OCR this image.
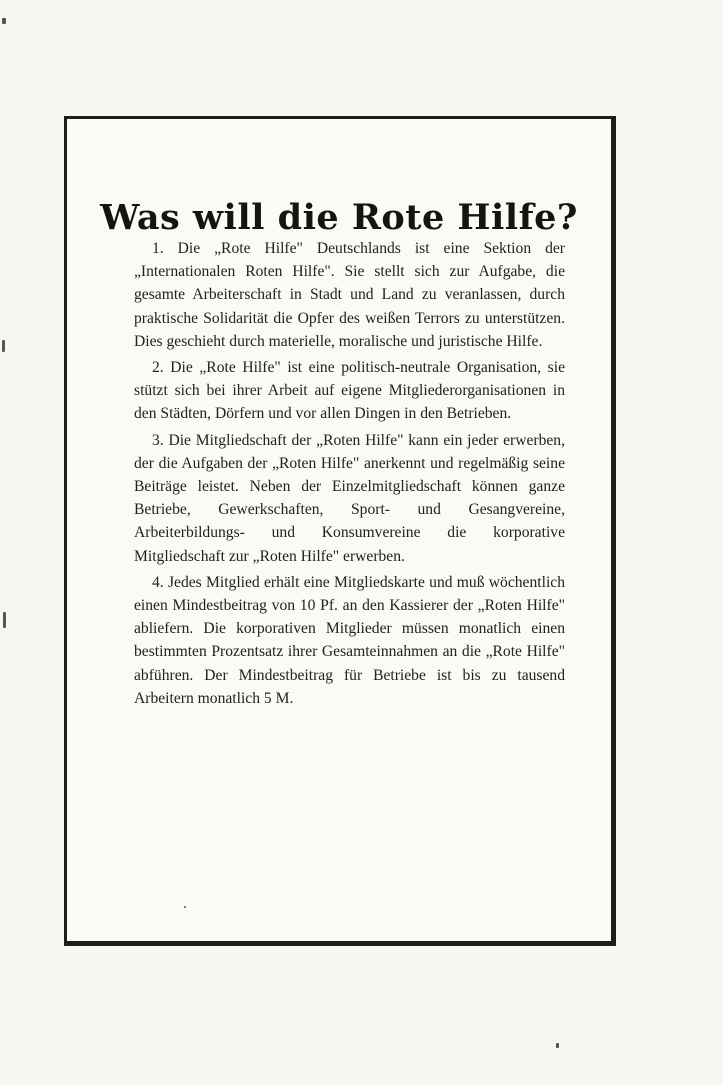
Was will die Rote Hilfe?

1. Die „Rote Hilfe" Deutschlands ist eine Sektion der „Internationalen Roten Hilfe". Sie stellt sich zur Aufgabe, die gesamte Arbeiterschaft in Stadt und Land zu veranlassen, durch praktische Solidarität die Opfer des weißen Terrors zu unterstützen. Dies geschieht durch materielle, moralische und juristische Hilfe.

2. Die „Rote Hilfe" ist eine politisch-neutrale Organisation, sie stützt sich bei ihrer Arbeit auf eigene Mitgliederorganisationen in den Städten, Dörfern und vor allen Dingen in den Betrieben.

3. Die Mitgliedschaft der „Roten Hilfe" kann ein jeder erwerben, der die Aufgaben der „Roten Hilfe" anerkennt und regelmäßig seine Beiträge leistet. Neben der Einzelmitgliedschaft können ganze Betriebe, Gewerkschaften, Sport- und Gesangvereine, Arbeiterbildungs- und Konsumvereine die korporative Mitgliedschaft zur „Roten Hilfe" erwerben.

4. Jedes Mitglied erhält eine Mitgliedskarte und muß wöchentlich einen Mindestbeitrag von 10 Pf. an den Kassierer der „Roten Hilfe" abliefern. Die korporativen Mitglieder müssen monatlich einen bestimmten Prozentsatz ihrer Gesamteinnahmen an die „Rote Hilfe" abführen. Der Mindestbeitrag für Betriebe ist bis zu tausend Arbeitern monatlich 5 M.
